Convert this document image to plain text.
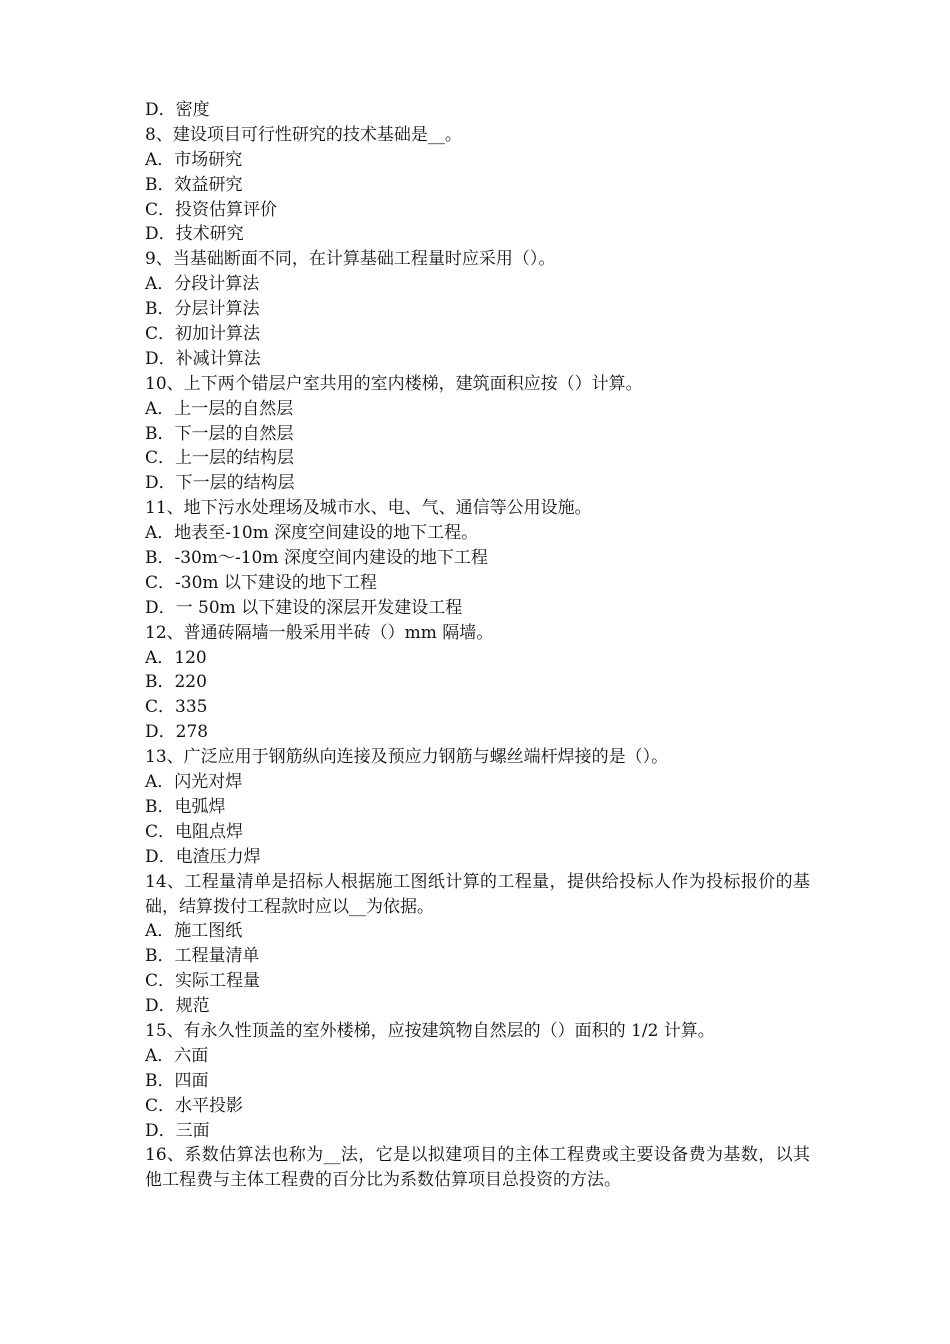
D．密度
8、建设项目可行性研究的技术基础是__。
A．市场研究
B．效益研究
C．投资估算评价
D．技术研究
9、当基础断面不同，在计算基础工程量时应采用（）。
A．分段计算法
B．分层计算法
C．初加计算法
D．补减计算法
10、上下两个错层户室共用的室内楼梯，建筑面积应按（）计算。
A．上一层的自然层
B．下一层的自然层
C．上一层的结构层
D．下一层的结构层
11、地下污水处理场及城市水、电、气、通信等公用设施。
A．地表至-10m 深度空间建设的地下工程。
B．-30m～-10m 深度空间内建设的地下工程
C．-30m 以下建设的地下工程
D．一 50m 以下建设的深层开发建设工程
12、普通砖隔墙一般采用半砖（）mm 隔墙。
A．120
B．220
C．335
D．278
13、广泛应用于钢筋纵向连接及预应力钢筋与螺丝端杆焊接的是（）。
A．闪光对焊
B．电弧焊
C．电阻点焊
D．电渣压力焊
14、工程量清单是招标人根据施工图纸计算的工程量，提供给投标人作为投标报价的基础，结算拨付工程款时应以__为依据。
A．施工图纸
B．工程量清单
C．实际工程量
D．规范
15、有永久性顶盖的室外楼梯，应按建筑物自然层的（）面积的 1/2 计算。
A．六面
B．四面
C．水平投影
D．三面
16、系数估算法也称为__法，它是以拟建项目的主体工程费或主要设备费为基数，以其他工程费与主体工程费的百分比为系数估算项目总投资的方法。
